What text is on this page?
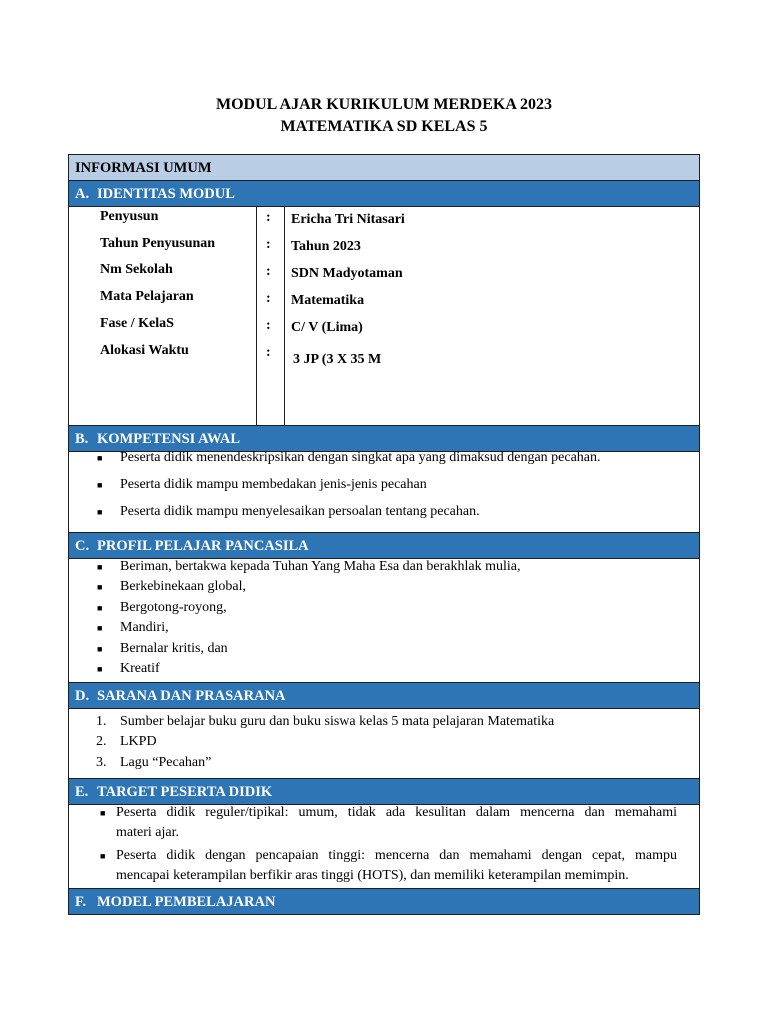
MODUL AJAR KURIKULUM MERDEKA 2023
MATEMATIKA SD KELAS 5
INFORMASI UMUM
A. IDENTITAS MODUL
Penyusun	: Ericha Tri Nitasari
Tahun Penyusunan	: Tahun 2023
Nm Sekolah	: SDN Madyotaman
Mata Pelajaran	: Matematika
Fase / KelaS	: C/ V (Lima)
Alokasi Waktu	: 3 JP (3 X 35 M
B. KOMPETENSI AWAL
■ Peserta didik menendeskripsikan dengan singkat apa yang dimaksud dengan pecahan.
■ Peserta didik mampu membedakan jenis-jenis pecahan
■ Peserta didik mampu menyelesaikan persoalan tentang pecahan.
C. PROFIL PELAJAR PANCASILA
■ Beriman, bertakwa kepada Tuhan Yang Maha Esa dan berakhlak mulia,
■ Berkebinekaan global,
■ Bergotong-royong,
■ Mandiri,
■ Bernalar kritis, dan
■ Kreatif
D. SARANA DAN PRASARANA
1. Sumber belajar buku guru dan buku siswa kelas 5 mata pelajaran Matematika
2. LKPD
3. Lagu “Pecahan”
E. TARGET PESERTA DIDIK
■ Peserta didik reguler/tipikal: umum, tidak ada kesulitan dalam mencerna dan memahami
materi ajar.
■ Peserta didik dengan pencapaian tinggi: mencerna dan memahami dengan cepat, mampu
mencapai keterampilan berfikir aras tinggi (HOTS), dan memiliki keterampilan memimpin.
F. MODEL PEMBELAJARAN
